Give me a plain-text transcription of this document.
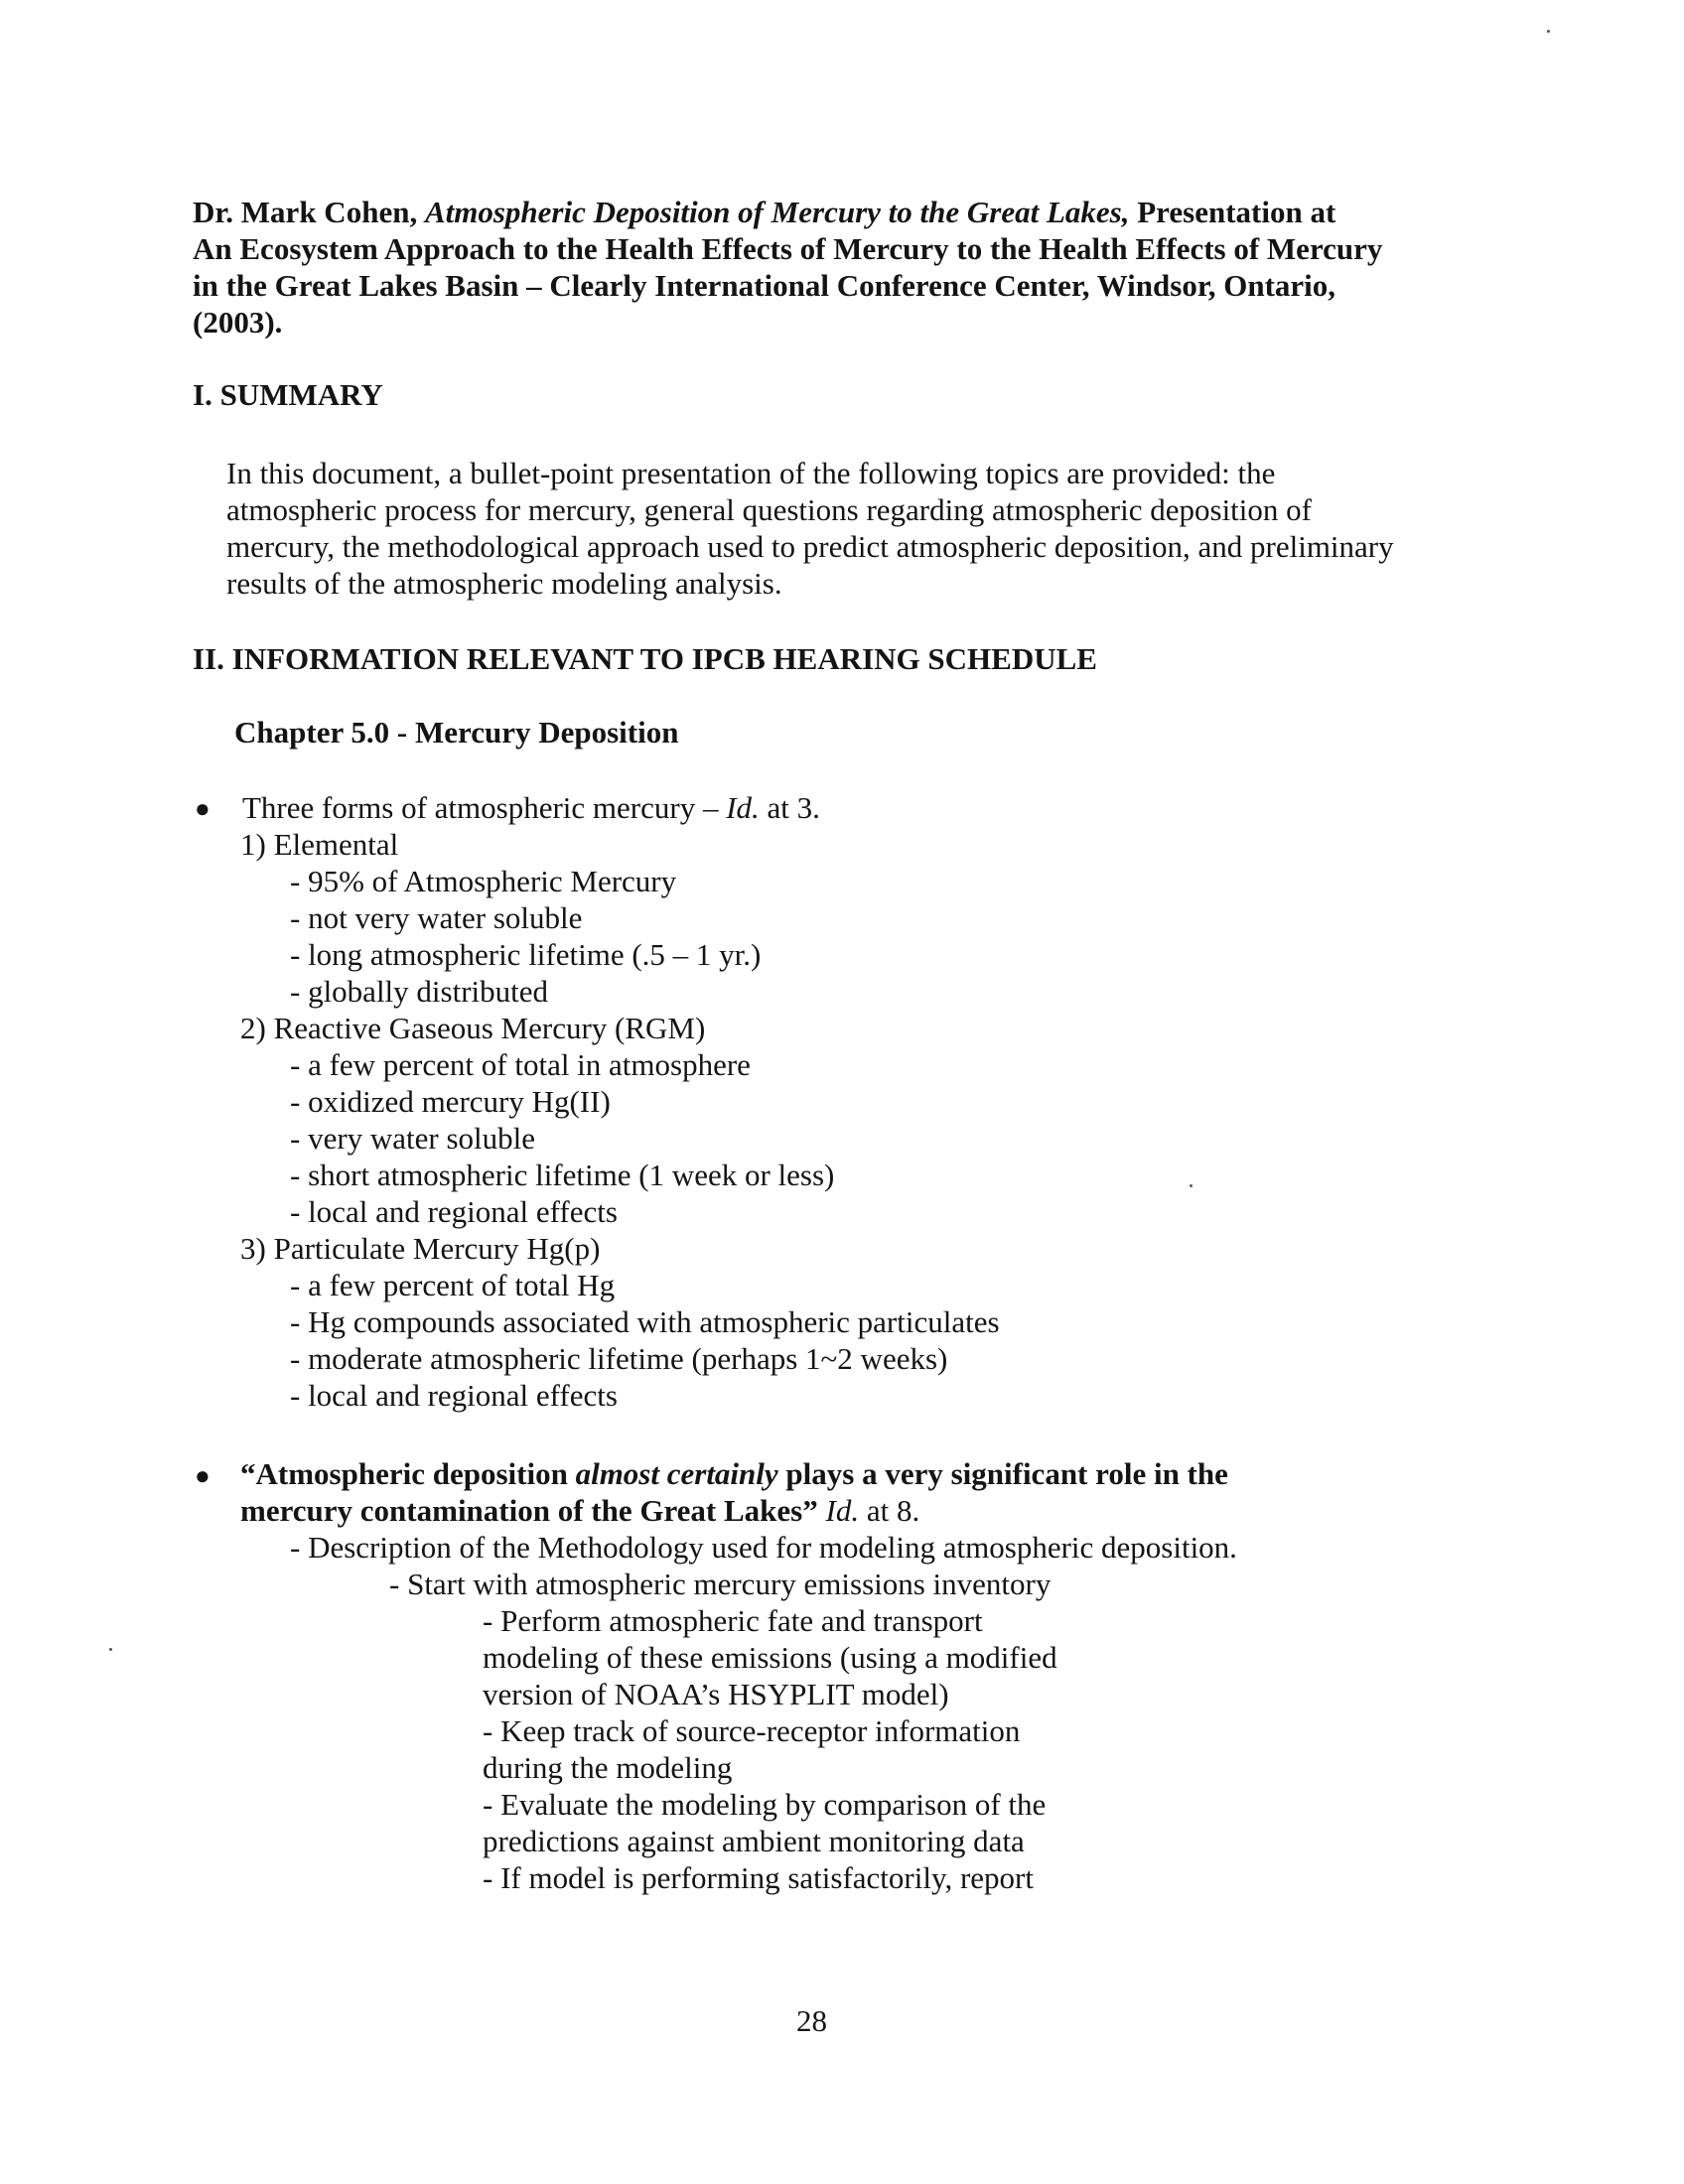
Dr. Mark Cohen, Atmospheric Deposition of Mercury to the Great Lakes, Presentation at
An Ecosystem Approach to the Health Effects of Mercury to the Health Effects of Mercury
in the Great Lakes Basin – Clearly International Conference Center, Windsor, Ontario,
(2003).
I. SUMMARY
In this document, a bullet-point presentation of the following topics are provided: the
atmospheric process for mercury, general questions regarding atmospheric deposition of
mercury, the methodological approach used to predict atmospheric deposition, and preliminary
results of the atmospheric modeling analysis.
II. INFORMATION RELEVANT TO IPCB HEARING SCHEDULE
Chapter 5.0 - Mercury Deposition
● Three forms of atmospheric mercury – Id. at 3.
1) Elemental
- 95% of Atmospheric Mercury
- not very water soluble
- long atmospheric lifetime (.5 – 1 yr.)
- globally distributed
2) Reactive Gaseous Mercury (RGM)
- a few percent of total in atmosphere
- oxidized mercury Hg(II)
- very water soluble
- short atmospheric lifetime (1 week or less)
- local and regional effects
3) Particulate Mercury Hg(p)
- a few percent of total Hg
- Hg compounds associated with atmospheric particulates
- moderate atmospheric lifetime (perhaps 1~2 weeks)
- local and regional effects
● “Atmospheric deposition almost certainly plays a very significant role in the
mercury contamination of the Great Lakes” Id. at 8.
- Description of the Methodology used for modeling atmospheric deposition.
- Start with atmospheric mercury emissions inventory
- Perform atmospheric fate and transport
modeling of these emissions (using a modified
version of NOAA’s HSYPLIT model)
- Keep track of source-receptor information
during the modeling
- Evaluate the modeling by comparison of the
predictions against ambient monitoring data
- If model is performing satisfactorily, report
28
